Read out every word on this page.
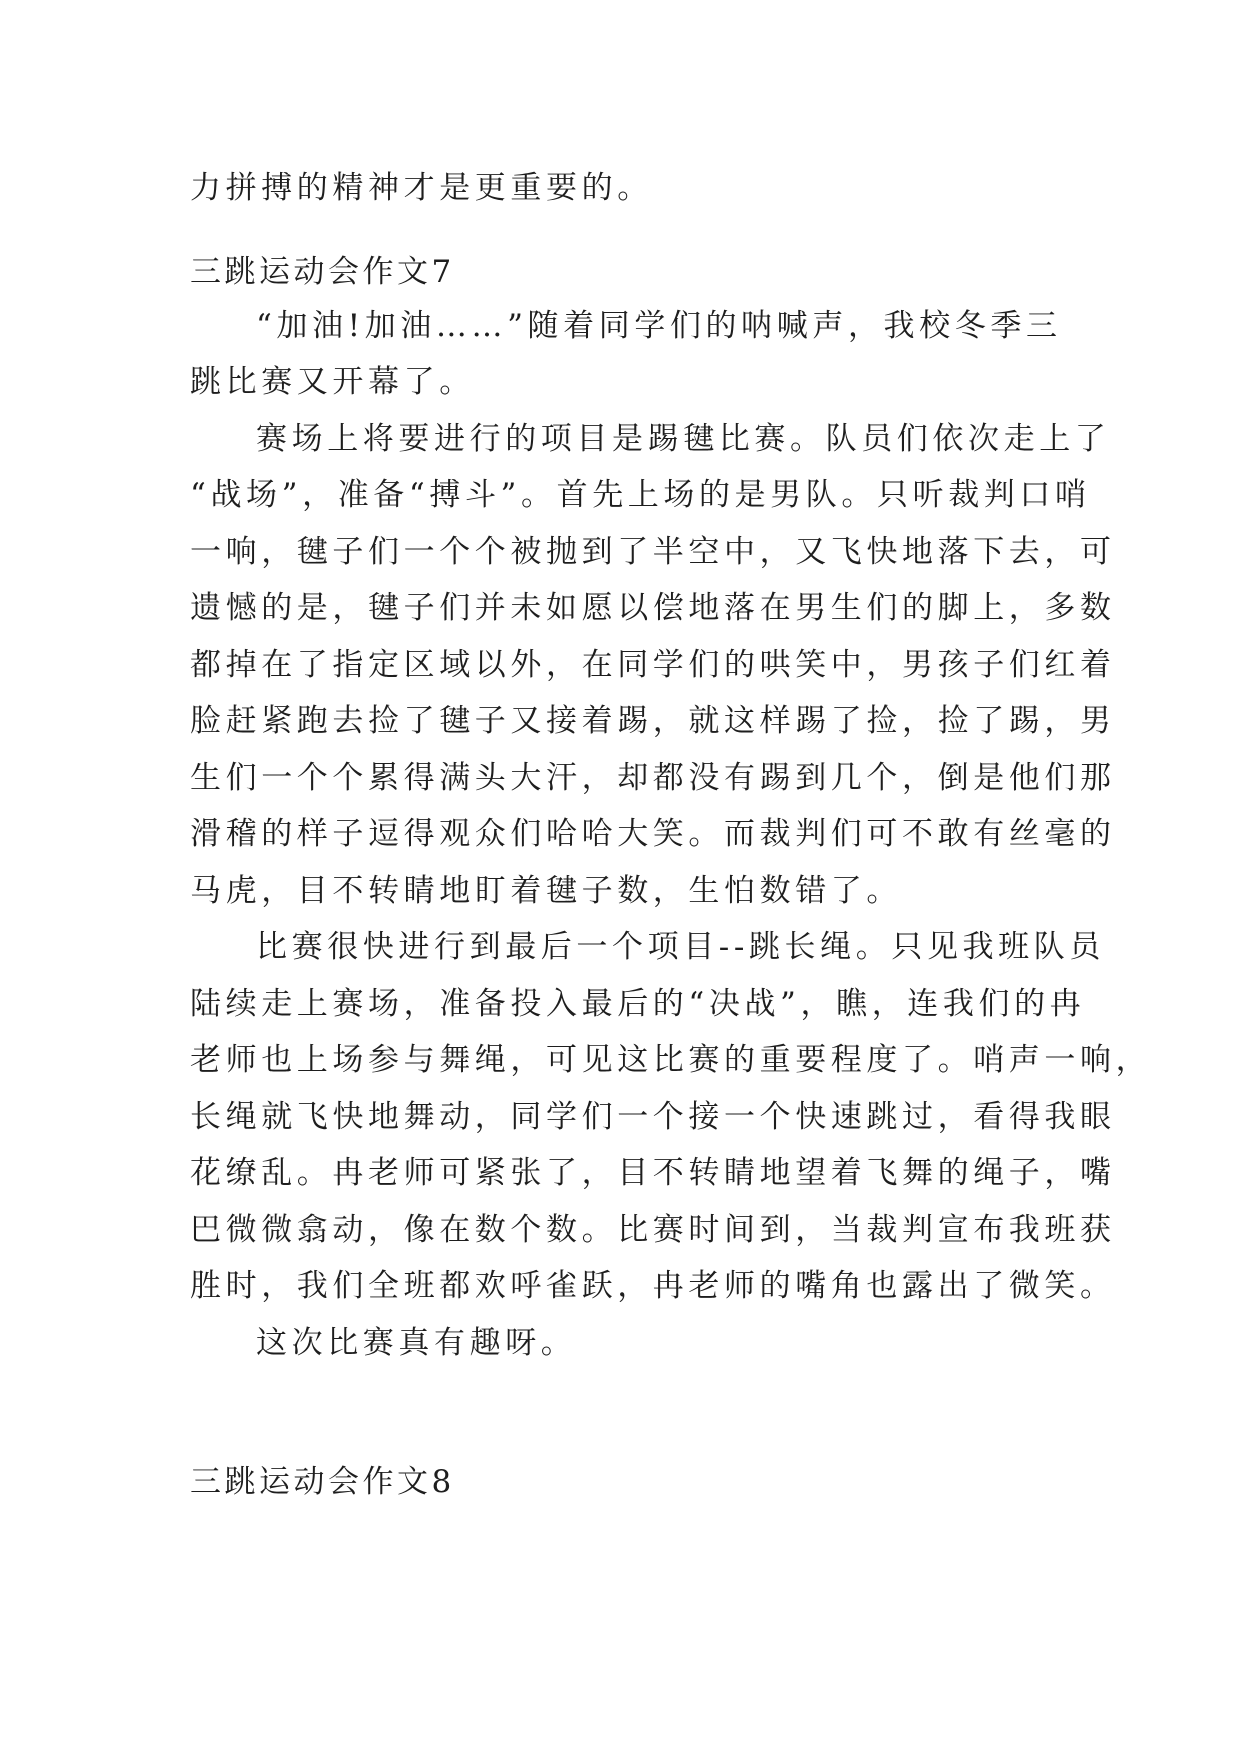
力拼搏的精神才是更重要的。
三跳运动会作文7
“加油!加油……”随着同学们的呐喊声，我校冬季三
跳比赛又开幕了。
赛场上将要进行的项目是踢毽比赛。队员们依次走上了
“战场”，准备“搏斗”。首先上场的是男队。只听裁判口哨
一响，毽子们一个个被抛到了半空中，又飞快地落下去，可
遗憾的是，毽子们并未如愿以偿地落在男生们的脚上，多数
都掉在了指定区域以外，在同学们的哄笑中，男孩子们红着
脸赶紧跑去捡了毽子又接着踢，就这样踢了捡，捡了踢，男
生们一个个累得满头大汗，却都没有踢到几个，倒是他们那
滑稽的样子逗得观众们哈哈大笑。而裁判们可不敢有丝毫的
马虎，目不转睛地盯着毽子数，生怕数错了。
比赛很快进行到最后一个项目--跳长绳。只见我班队员
陆续走上赛场，准备投入最后的“决战”，瞧，连我们的冉
老师也上场参与舞绳，可见这比赛的重要程度了。哨声一响，
长绳就飞快地舞动，同学们一个接一个快速跳过，看得我眼
花缭乱。冉老师可紧张了，目不转睛地望着飞舞的绳子，嘴
巴微微翕动，像在数个数。比赛时间到，当裁判宣布我班获
胜时，我们全班都欢呼雀跃，冉老师的嘴角也露出了微笑。
这次比赛真有趣呀。
三跳运动会作文8
